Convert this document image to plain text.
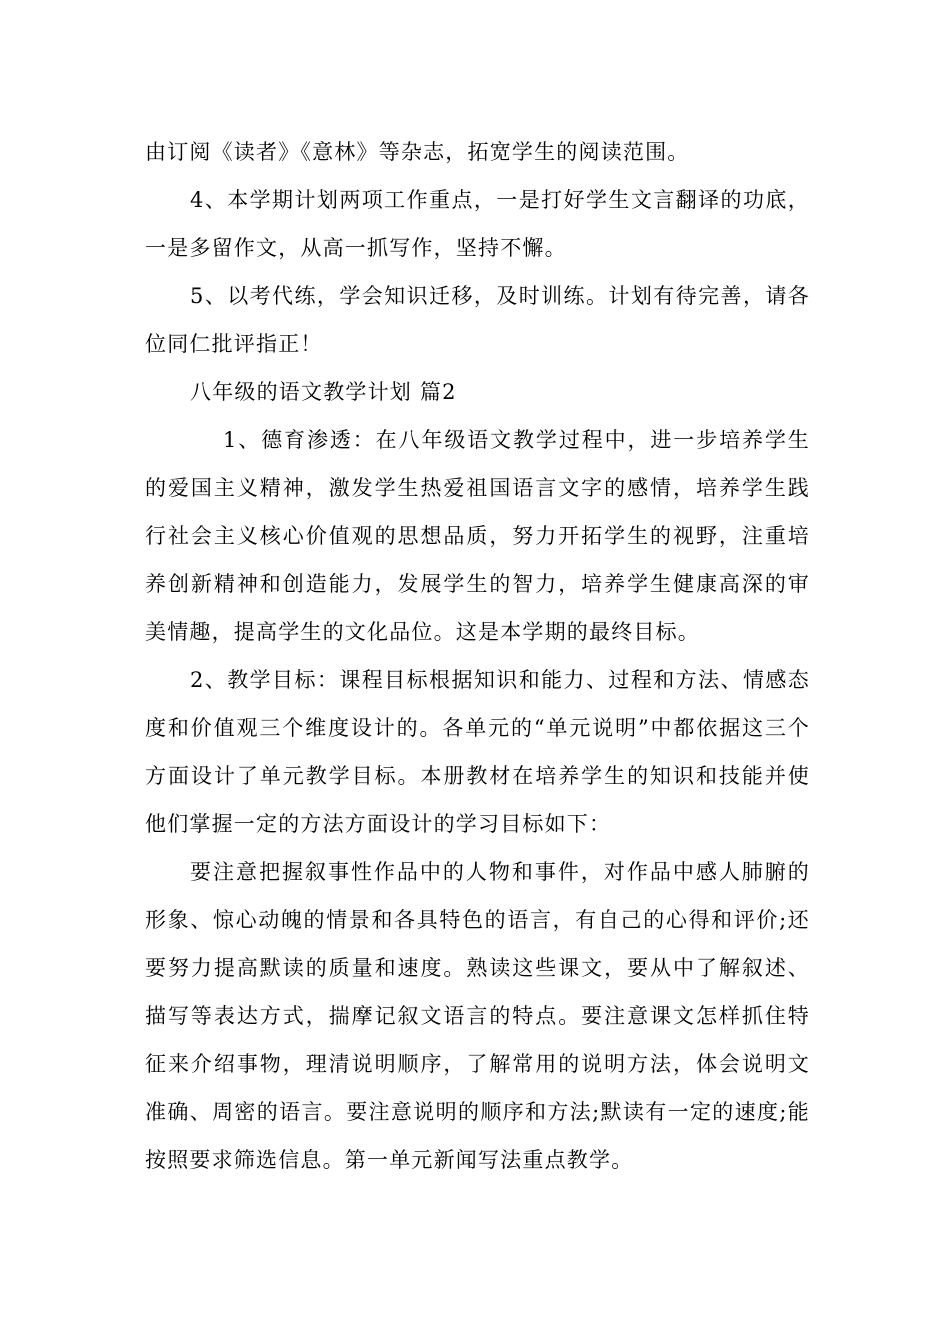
由订阅《读者》《意林》等杂志，拓宽学生的阅读范围。

4、本学期计划两项工作重点，一是打好学生文言翻译的功底，一是多留作文，从高一抓写作，坚持不懈。

5、以考代练，学会知识迁移，及时训练。计划有待完善，请各位同仁批评指正！

八年级的语文教学计划 篇2

1、德育渗透：在八年级语文教学过程中，进一步培养学生的爱国主义精神，激发学生热爱祖国语言文字的感情，培养学生践行社会主义核心价值观的思想品质，努力开拓学生的视野，注重培养创新精神和创造能力，发展学生的智力，培养学生健康高深的审美情趣，提高学生的文化品位。这是本学期的最终目标。

2、教学目标：课程目标根据知识和能力、过程和方法、情感态度和价值观三个维度设计的。各单元的“单元说明”中都依据这三个方面设计了单元教学目标。本册教材在培养学生的知识和技能并使他们掌握一定的方法方面设计的学习目标如下：

要注意把握叙事性作品中的人物和事件，对作品中感人肺腑的形象、惊心动魄的情景和各具特色的语言，有自己的心得和评价;还要努力提高默读的质量和速度。熟读这些课文，要从中了解叙述、描写等表达方式，揣摩记叙文语言的特点。要注意课文怎样抓住特征来介绍事物，理清说明顺序，了解常用的说明方法，体会说明文准确、周密的语言。要注意说明的顺序和方法;默读有一定的速度;能按照要求筛选信息。第一单元新闻写法重点教学。
